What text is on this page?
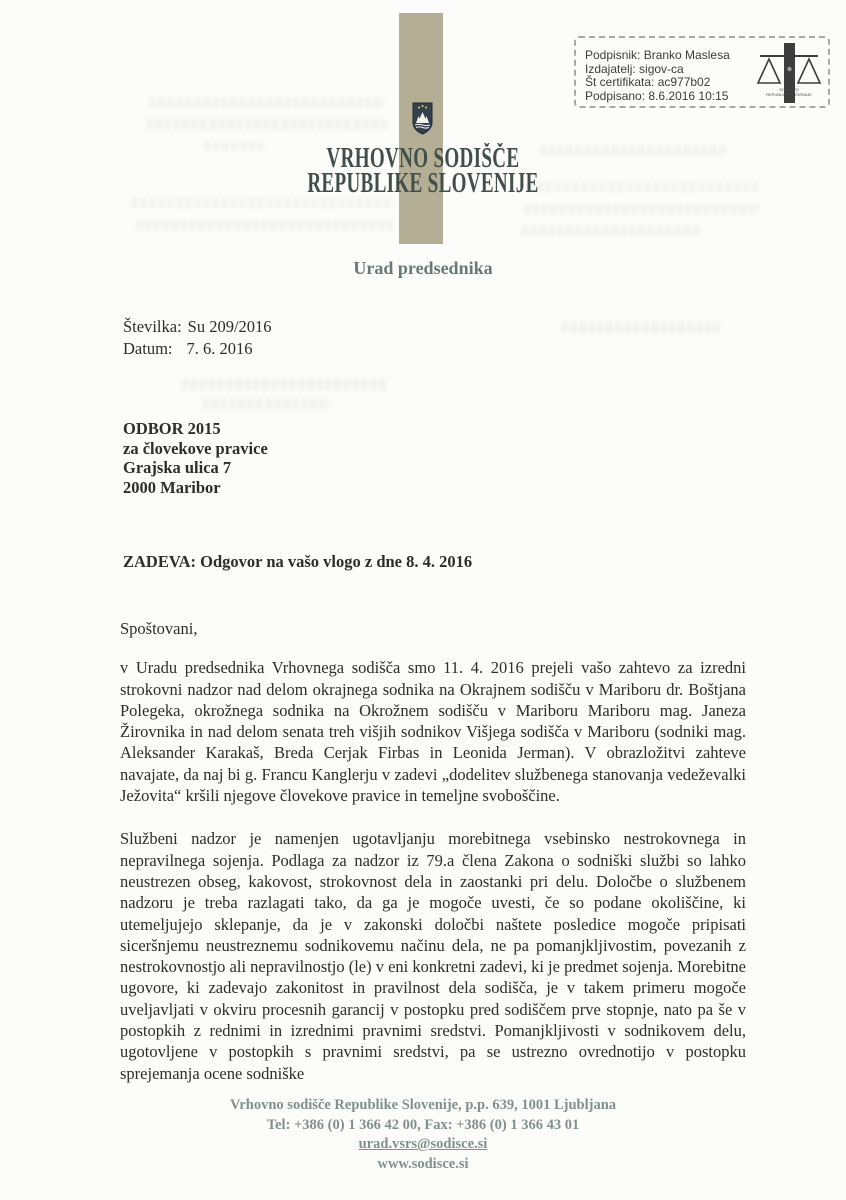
Podpisnik: Branko Maslesa
Izdajatelj: sigov-ca
Št certifikata: ac977b02
Podpisano: 8.6.2016 10:15	SODSTVO
REPUBLIKE SLOVENIJE
VRHOVNO SODIŠČE
REPUBLIKE SLOVENIJE
Urad predsednika
Številka: Su 209/2016
Datum: 7. 6. 2016
ODBOR 2015
za človekove pravice
Grajska ulica 7
2000 Maribor
ZADEVA: Odgovor na vašo vlogo z dne 8. 4. 2016

Spoštovani,

v Uradu predsednika Vrhovnega sodišča smo 11. 4. 2016 prejeli vašo zahtevo za izredni strokovni nadzor nad delom okrajnega sodnika na Okrajnem sodišču v Mariboru dr. Boštjana Polegeka, okrožnega sodnika na Okrožnem sodišču v Mariboru Mariboru mag. Janeza Žirovnika in nad delom senata treh višjih sodnikov Višjega sodišča v Mariboru (sodniki mag. Aleksander Karakaš, Breda Cerjak Firbas in Leonida Jerman). V obrazložitvi zahteve navajate, da naj bi g. Francu Kanglerju v zadevi „dodelitev službenega stanovanja vedeževalki Ježovita“ kršili njegove človekove pravice in temeljne svoboščine.

Službeni nadzor je namenjen ugotavljanju morebitnega vsebinsko nestrokovnega in nepravilnega sojenja. Podlaga za nadzor iz 79.a člena Zakona o sodniški službi so lahko neustrezen obseg, kakovost, strokovnost dela in zaostanki pri delu. Določbe o službenem nadzoru je treba razlagati tako, da ga je mogoče uvesti, če so podane okoliščine, ki utemeljujejo sklepanje, da je v zakonski določbi naštete posledice mogoče pripisati siceršnjemu neustreznemu sodnikovemu načinu dela, ne pa pomanjkljivostim, povezanih z nestrokovnostjo ali nepravilnostjo (le) v eni konkretni zadevi, ki je predmet sojenja. Morebitne ugovore, ki zadevajo zakonitost in pravilnost dela sodišča, je v takem primeru mogoče uveljavljati v okviru procesnih garancij v postopku pred sodiščem prve stopnje, nato pa še v postopkih z rednimi in izrednimi pravnimi sredstvi. Pomanjkljivosti v sodnikovem delu, ugotovljene v postopkih s pravnimi sredstvi, pa se ustrezno ovrednotijo v postopku sprejemanja ocene sodniške

Vrhovno sodišče Republike Slovenije, p.p. 639, 1001 Ljubljana
Tel: +386 (0) 1 366 42 00, Fax: +386 (0) 1 366 43 01
urad.vsrs@sodisce.si
www.sodisce.si
